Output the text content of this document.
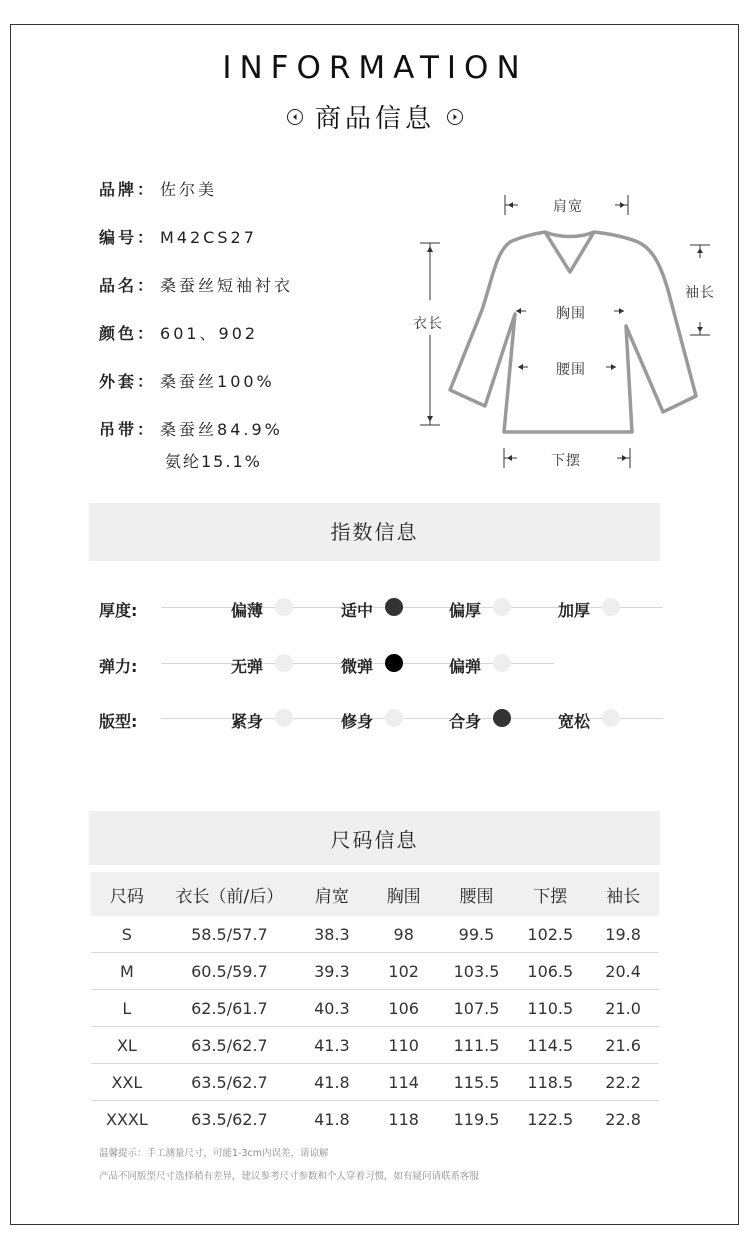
INFORMATION
商品信息
品牌： 佐尔美
编号： M42CS27
品名： 桑蚕丝短袖衬衣
颜色： 601、902
外套： 桑蚕丝100%
吊带： 桑蚕丝84.9%
氨纶15.1%
肩宽
袖长
衣长
胸围
腰围
下摆
指数信息
厚度:	偏薄	适中	偏厚	加厚
弹力:	无弹	微弹	偏弹
版型:	紧身	修身	合身	宽松
尺码信息
尺码	衣长（前/后）	肩宽	胸围	腰围	下摆	袖长
S	58.5/57.7	38.3	98	99.5	102.5	19.8
M	60.5/59.7	39.3	102	103.5	106.5	20.4
L	62.5/61.7	40.3	106	107.5	110.5	21.0
XL	63.5/62.7	41.3	110	111.5	114.5	21.6
XXL	63.5/62.7	41.8	114	115.5	118.5	22.2
XXXL	63.5/62.7	41.8	118	119.5	122.5	22.8
温馨提示：手工测量尺寸，可能1-3cm内误差，请谅解
产品不同版型尺寸选择稍有差异，建议参考尺寸参数和个人穿着习惯，如有疑问请联系客服
